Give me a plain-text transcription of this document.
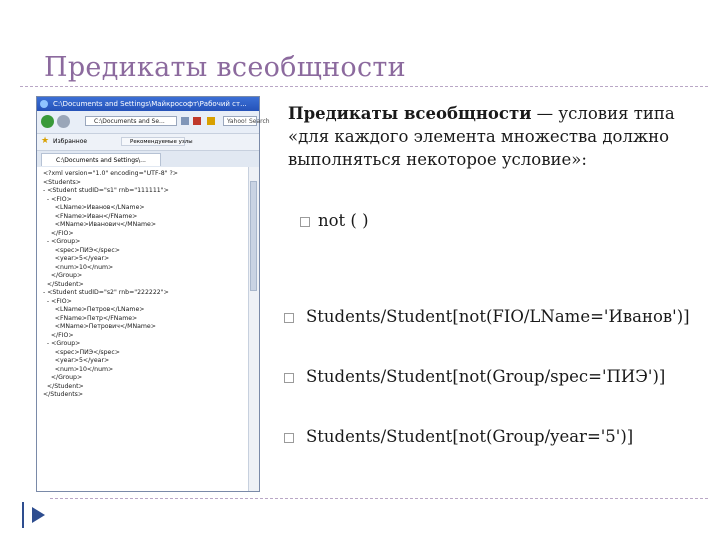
Предикаты всеобщности
C:\Documents and Settings\Майкрософт\Рабочий ст...
C:\Documents and Se...	Yahoo! Search
★ Избранное	Рекомендуемые узлы
C:\Documents and Settings\...
<?xml version="1.0" encoding="UTF-8" ?>
<Students>
- <Student studID="s1" rnb="111111">
- <FIO>
<LName>Иванов</LName>
<FName>Иван</FName>
<MName>Иванович</MName>
</FIO>
- <Group>
<spec>ПИЭ</spec>
<year>5</year>
<num>10</num>
</Group>
</Student>
- <Student studID="s2" rnb="222222">
- <FIO>
<LName>Петров</LName>
<FName>Петр</FName>
<MName>Петрович</MName>
</FIO>
- <Group>
<spec>ПИЭ</spec>
<year>5</year>
<num>10</num>
</Group>
</Student>
</Students>
Предикаты всеобщности — условия типа «для каждого элемента множества должно выполняться некоторое условие»:
not ( )
Students/Student[not(FIO/LName='Иванов')]
Students/Student[not(Group/spec='ПИЭ')]
Students/Student[not(Group/year='5')]
